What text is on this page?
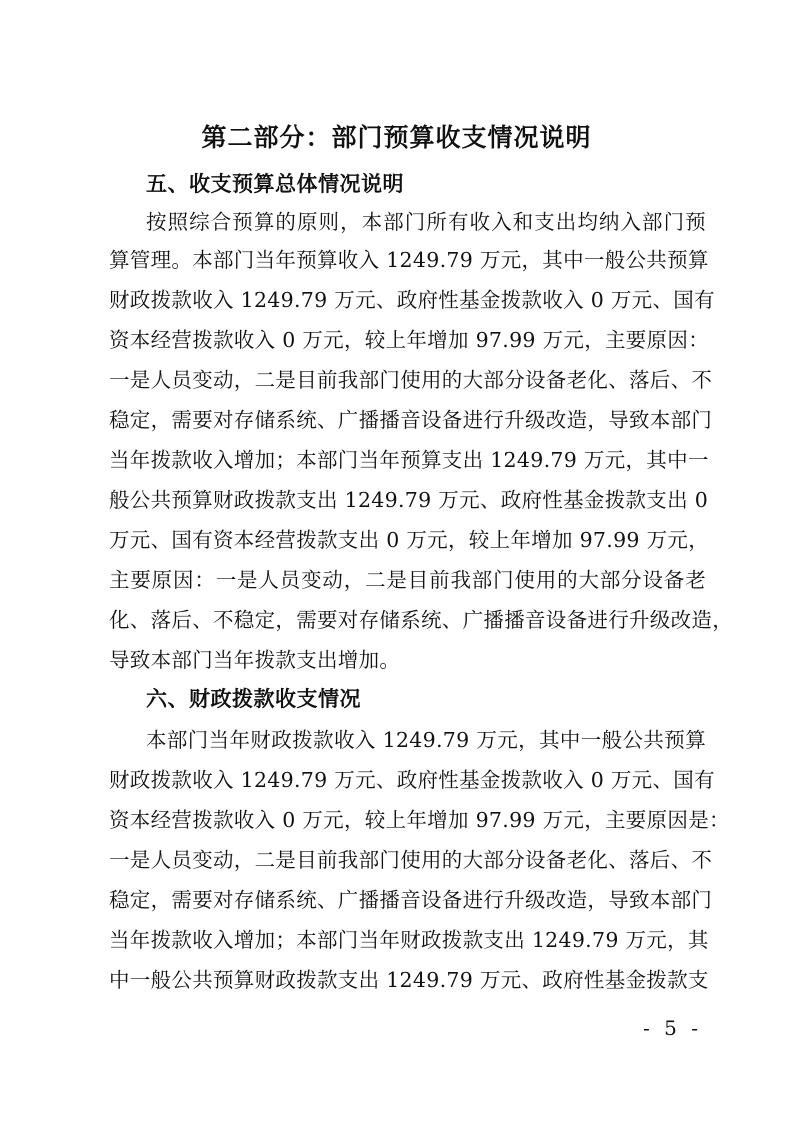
第二部分：部门预算收支情况说明
五、收支预算总体情况说明
按照综合预算的原则，本部门所有收入和支出均纳入部门预
算管理。本部门当年预算收入 1249.79 万元，其中一般公共预算
财政拨款收入 1249.79 万元、政府性基金拨款收入 0 万元、国有
资本经营拨款收入 0 万元，较上年增加 97.99 万元，主要原因：
一是人员变动，二是目前我部门使用的大部分设备老化、落后、不
稳定，需要对存储系统、广播播音设备进行升级改造，导致本部门
当年拨款收入增加；本部门当年预算支出 1249.79 万元，其中一
般公共预算财政拨款支出 1249.79 万元、政府性基金拨款支出 0
万元、国有资本经营拨款支出 0 万元，较上年增加 97.99 万元，
主要原因：一是人员变动，二是目前我部门使用的大部分设备老
化、落后、不稳定，需要对存储系统、广播播音设备进行升级改造，
导致本部门当年拨款支出增加。
六、财政拨款收支情况
本部门当年财政拨款收入 1249.79 万元，其中一般公共预算
财政拨款收入 1249.79 万元、政府性基金拨款收入 0 万元、国有
资本经营拨款收入 0 万元，较上年增加 97.99 万元，主要原因是：
一是人员变动，二是目前我部门使用的大部分设备老化、落后、不
稳定，需要对存储系统、广播播音设备进行升级改造，导致本部门
当年拨款收入增加；本部门当年财政拨款支出 1249.79 万元，其
中一般公共预算财政拨款支出 1249.79 万元、政府性基金拨款支
- 5 -
